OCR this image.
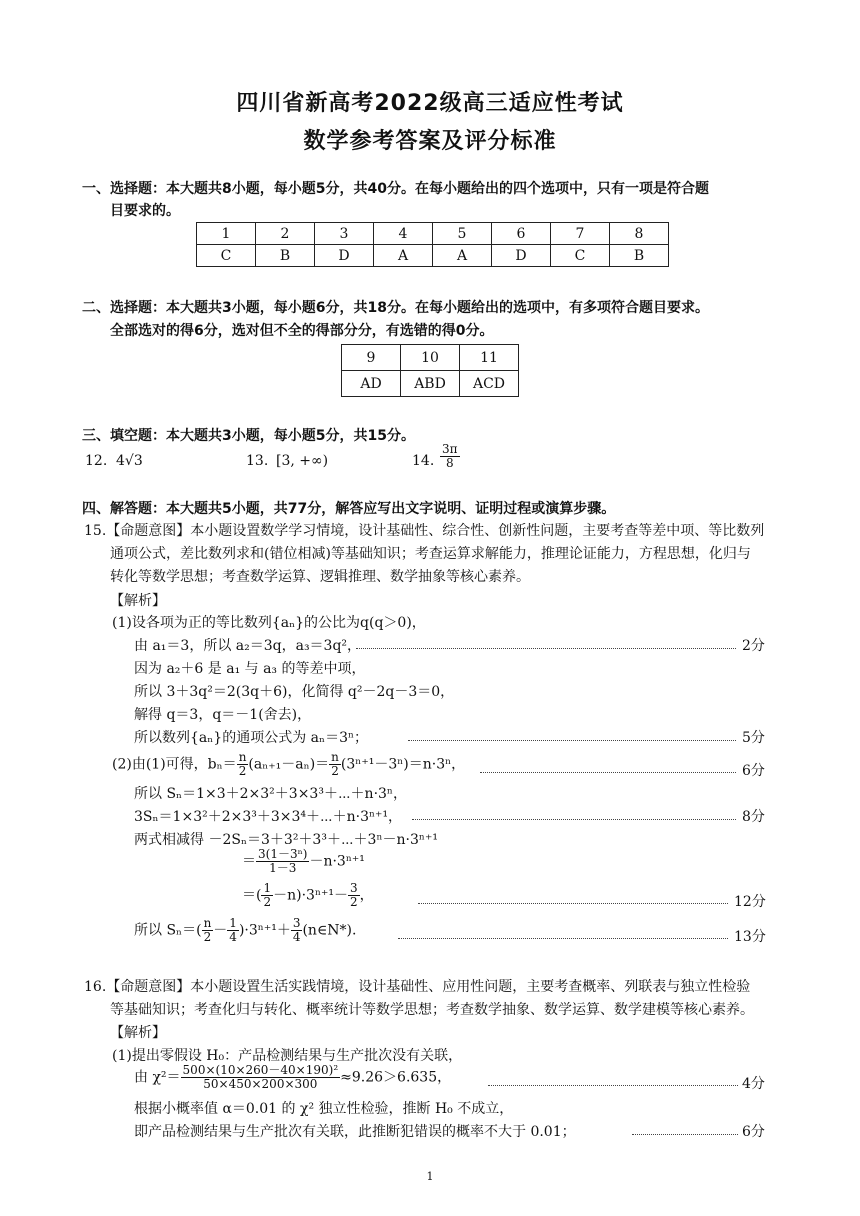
四川省新高考2022级高三适应性考试
数学参考答案及评分标准
一、选择题：本大题共8小题，每小题5分，共40分。在每小题给出的四个选项中，只有一项是符合题
目要求的。
1	2	3	4	5	6	7	8
C	B	D	A	A	D	C	B
二、选择题：本大题共3小题，每小题6分，共18分。在每小题给出的选项中，有多项符合题目要求。
全部选对的得6分，选对但不全的得部分分，有选错的得0分。
9	10	11
AD	ABD	ACD
三、填空题：本大题共3小题，每小题5分，共15分。
12. 4√3	13. [3, +∞)	14. $\frac{3\pi}{8}$
四、解答题：本大题共5小题，共77分，解答应写出文字说明、证明过程或演算步骤。
15.【命题意图】本小题设置数学学习情境，设计基础性、综合性、创新性问题，主要考查等差中项、等比数列
通项公式，差比数列求和(错位相减)等基础知识；考查运算求解能力，推理论证能力，方程思想，化归与
转化等数学思想；考查数学运算、逻辑推理、数学抽象等核心素养。
【解析】
(1)设各项为正的等比数列{aₙ}的公比为q(q＞0)，
由 a₁＝3，所以 a₂＝3q，a₃＝3q²，	2分
因为 a₂＋6 是 a₁ 与 a₃ 的等差中项，
所以 3＋3q²＝2(3q＋6)，化简得 q²－2q－3＝0，
解得 q＝3，q＝－1(舍去)，
所以数列{aₙ}的通项公式为 aₙ＝3ⁿ；	5分
(2)由(1)可得，$b_n= \frac{n}{2} (a_{n+1}-a_n)= \frac{n}{2} (3^{n+1}-3^n)=n\cdot 3^n$，	6分
所以 Sₙ＝1×3＋2×3²＋3×3³＋⋯＋n·3ⁿ，
3Sₙ＝1×3²＋2×3³＋3×3⁴＋⋯＋n·3ⁿ⁺¹，	8分
两式相减得 －2Sₙ＝3＋3²＋3³＋⋯＋3ⁿ－n·3ⁿ⁺¹
＝ $\frac{\text{3(1－3ⁿ)}}{1-3} -n\cdot 3^{n+1}$
＝( $\frac{1}{2} -n)\cdot 3^{n+1}- \frac{3}{2}$ ，	12分
所以 $S_n=( \frac{n}{2} - \frac{1}{4} )\cdot 3^{n+1}+ \frac{3}{4}$ (n∈N*).	13分
16.【命题意图】本小题设置生活实践情境，设计基础性、应用性问题，主要考查概率、列联表与独立性检验
等基础知识；考查化归与转化、概率统计等数学思想；考查数学抽象、数学运算、数学建模等核心素养。
【解析】
(1)提出零假设 H₀：产品检测结果与生产批次没有关联，
由 $\chi^2= \frac{\text{500×(10×260－40×190)²}}{50\times 450\times 200\times 300} \approx 9.26>6.635$，	4分
根据小概率值 α＝0.01 的 χ² 独立性检验，推断 H₀ 不成立，
即产品检测结果与生产批次有关联，此推断犯错误的概率不大于 0.01；	6分
1
